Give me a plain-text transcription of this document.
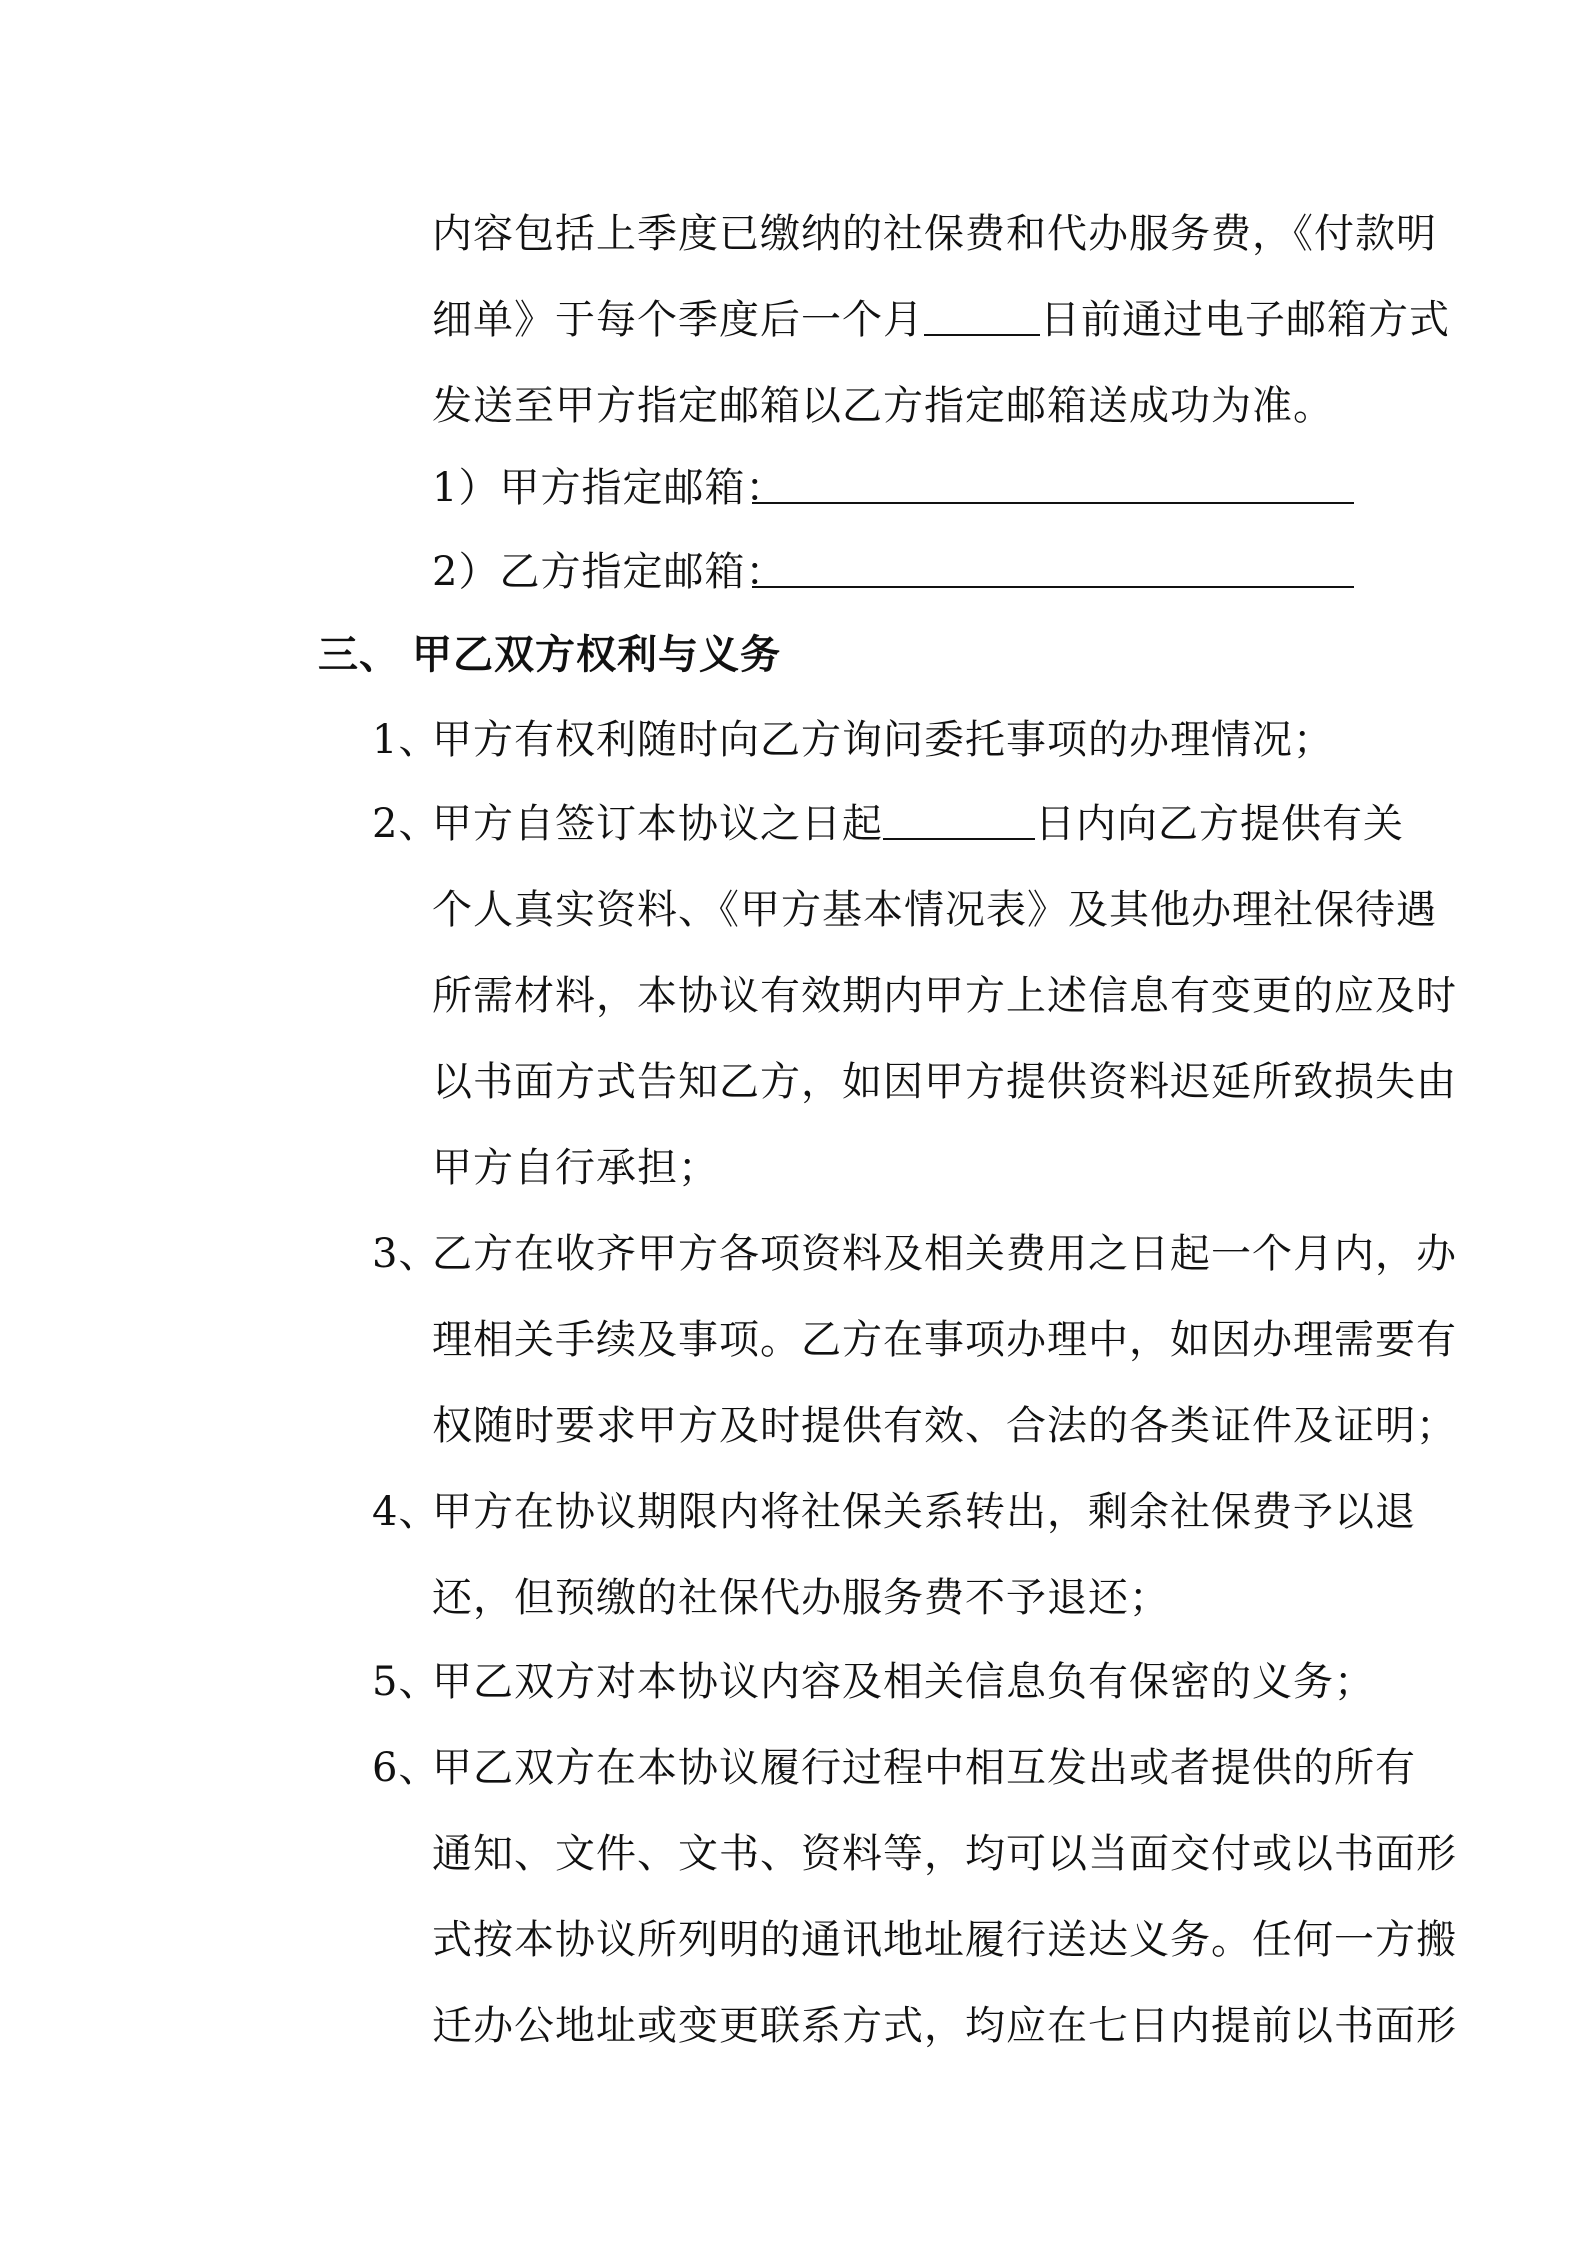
内容包括上季度已缴纳的社保费和代办服务费，《付款明
细单》于每个季度后一个月	日前通过电子邮箱方式
发送至甲方指定邮箱以乙方指定邮箱送成功为准。
1）甲方指定邮箱：
2）乙方指定邮箱：
三、 甲乙双方权利与义务
1、
甲方有权利随时向乙方询问委托事项的办理情况；
2、
甲方自签订本协议之日起	日内向乙方提供有关
个人真实资料、《甲方基本情况表》及其他办理社保待遇
所需材料，本协议有效期内甲方上述信息有变更的应及时
以书面方式告知乙方，如因甲方提供资料迟延所致损失由
甲方自行承担；
3、
乙方在收齐甲方各项资料及相关费用之日起一个月内，办
理相关手续及事项。乙方在事项办理中，如因办理需要有
权随时要求甲方及时提供有效、合法的各类证件及证明；
4、
甲方在协议期限内将社保关系转出，剩余社保费予以退
还，但预缴的社保代办服务费不予退还；
5、
甲乙双方对本协议内容及相关信息负有保密的义务；
6、
甲乙双方在本协议履行过程中相互发出或者提供的所有
通知、文件、文书、资料等，均可以当面交付或以书面形
式按本协议所列明的通讯地址履行送达义务。任何一方搬
迁办公地址或变更联系方式，均应在七日内提前以书面形
